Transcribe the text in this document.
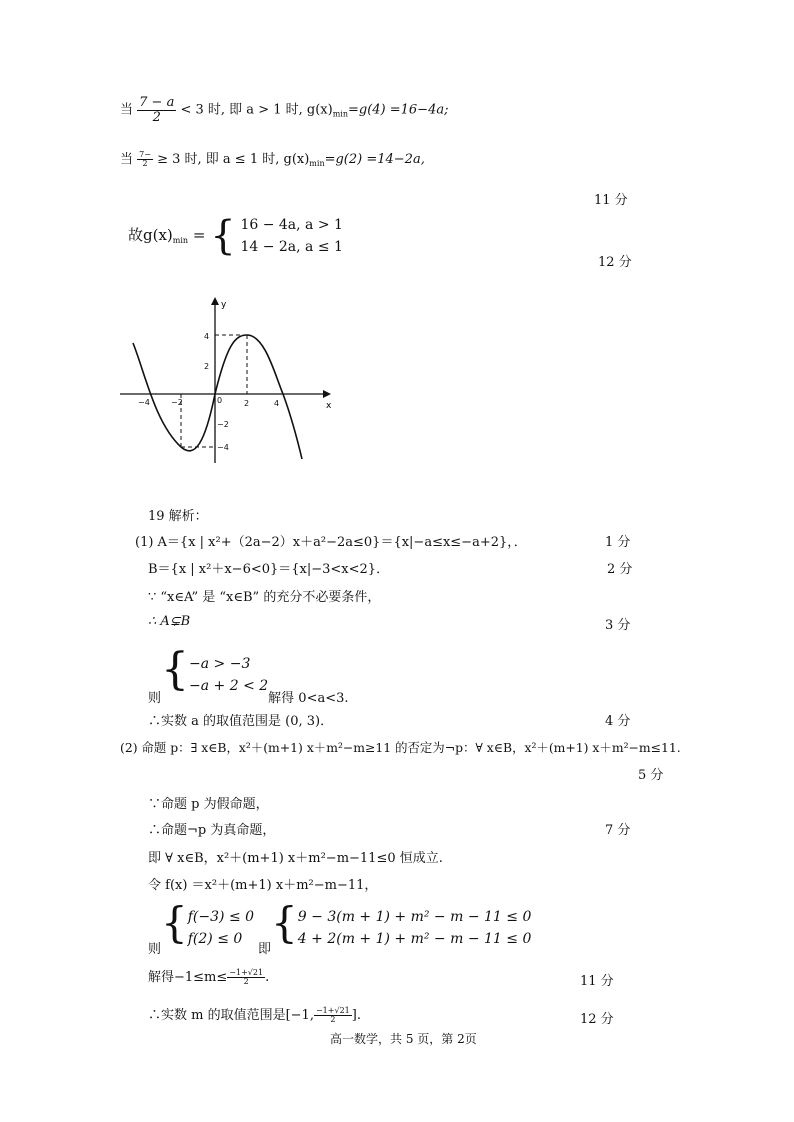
当 $\frac{7 - a}{2} < 3$ 时, 即 a > 1 时, $g(x)_{min}=g(4) =16-4a$;
当 $\frac{7-}{2} \ge 3$ 时, 即 a ≤ 1 时, $g(x)_{min}=g(2) =14-2a$,
11 分
故$g(x)_{min}$ = { 16 − 4a, a > 1
14 − 2a, a ≤ 1
12 分
x
y
−4	−2	0	2	4
4
2
−2
−4
19 解析：
(1) A＝{x | x²+（2a−2）x＋a²−2a≤0}＝{x|−a≤x≤−a+2}，．	1 分
B＝{x | x²＋x−6<0}＝{x|−3<x<2}．	2 分
∵ “x∈A” 是 “x∈B” 的充分不必要条件，
∴ A⊊B	3 分
则{ −a > −3
−a + 2 < 2
解得 0<a<3.
∴实数 a 的取值范围是 (0, 3)．	4 分
(2) 命题 p：∃ x∈B，x²＋(m+1) x＋m²−m≥11 的否定为¬p：∀ x∈B，x²＋(m+1) x＋m²−m≤11.
5 分
∵命题 p 为假命题，
∴命题¬p 为真命题，	7 分
即 ∀ x∈B，x²＋(m+1) x＋m²−m−11≤0 恒成立.
令 f(x) ＝x²＋(m+1) x＋m²−m−11，
则{ f(−3) ≤ 0
f(2) ≤ 0
即{ 9 − 3(m + 1) + m² − m − 11 ≤ 0
4 + 2(m + 1) + m² − m − 11 ≤ 0
解得$-1\le m\le \frac{-1+√21}{2}$ .	11 分
∴实数 m 的取值范围是[−1, $\frac{-1+√21}{2}$ ].	12 分
高一数学，共 5 页，第 2页
